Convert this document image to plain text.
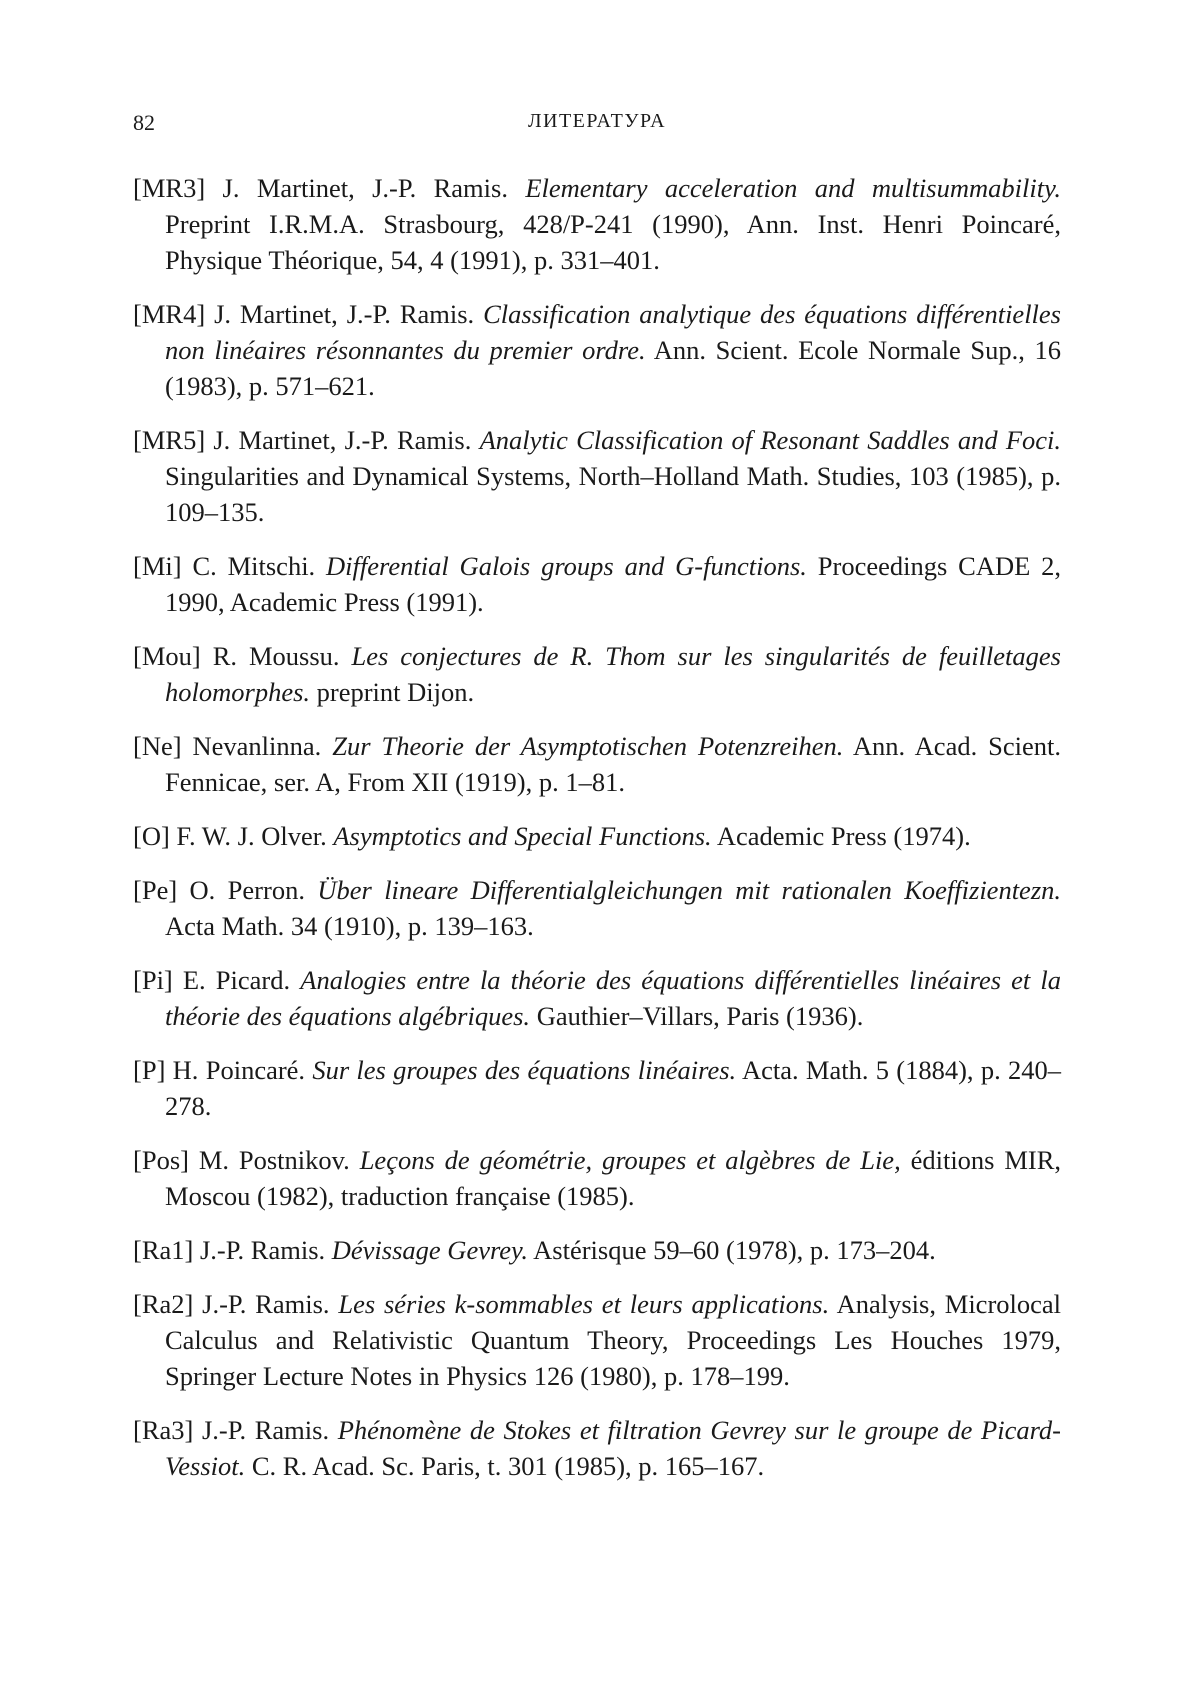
82	ЛИТЕРАТУРА

[MR3] J. Martinet, J.-P. Ramis. Elementary acceleration and multisummability. Preprint I.R.M.A. Strasbourg, 428/P-241 (1990), Ann. Inst. Henri Poincaré, Physique Théorique, 54, 4 (1991), p. 331–401.

[MR4] J. Martinet, J.-P. Ramis. Classification analytique des équations différentielles non linéaires résonnantes du premier ordre. Ann. Scient. Ecole Normale Sup., 16 (1983), p. 571–621.

[MR5] J. Martinet, J.-P. Ramis. Analytic Classification of Resonant Saddles and Foci. Singularities and Dynamical Systems, North–Holland Math. Studies, 103 (1985), p. 109–135.

[Mi] C. Mitschi. Differential Galois groups and G-functions. Proceedings CADE 2, 1990, Academic Press (1991).

[Mou] R. Moussu. Les conjectures de R. Thom sur les singularités de feuilletages holomorphes. preprint Dijon.

[Ne] Nevanlinna. Zur Theorie der Asymptotischen Potenzreihen. Ann. Acad. Scient. Fennicae, ser. A, From XII (1919), p. 1–81.

[O] F. W. J. Olver. Asymptotics and Special Functions. Academic Press (1974).

[Pe] O. Perron. Über lineare Differentialgleichungen mit rationalen Koeffizientezn. Acta Math. 34 (1910), p. 139–163.

[Pi] E. Picard. Analogies entre la théorie des équations différentielles linéaires et la théorie des équations algébriques. Gauthier–Villars, Paris (1936).

[P] H. Poincaré. Sur les groupes des équations linéaires. Acta. Math. 5 (1884), p. 240–278.

[Pos] M. Postnikov. Leçons de géométrie, groupes et algèbres de Lie, éditions MIR, Moscou (1982), traduction française (1985).

[Ra1] J.-P. Ramis. Dévissage Gevrey. Astérisque 59–60 (1978), p. 173–204.

[Ra2] J.-P. Ramis. Les séries k-sommables et leurs applications. Analysis, Microlocal Calculus and Relativistic Quantum Theory, Proceedings Les Houches 1979, Springer Lecture Notes in Physics 126 (1980), p. 178–199.

[Ra3] J.-P. Ramis. Phénomène de Stokes et filtration Gevrey sur le groupe de Picard-Vessiot. C. R. Acad. Sc. Paris, t. 301 (1985), p. 165–167.
